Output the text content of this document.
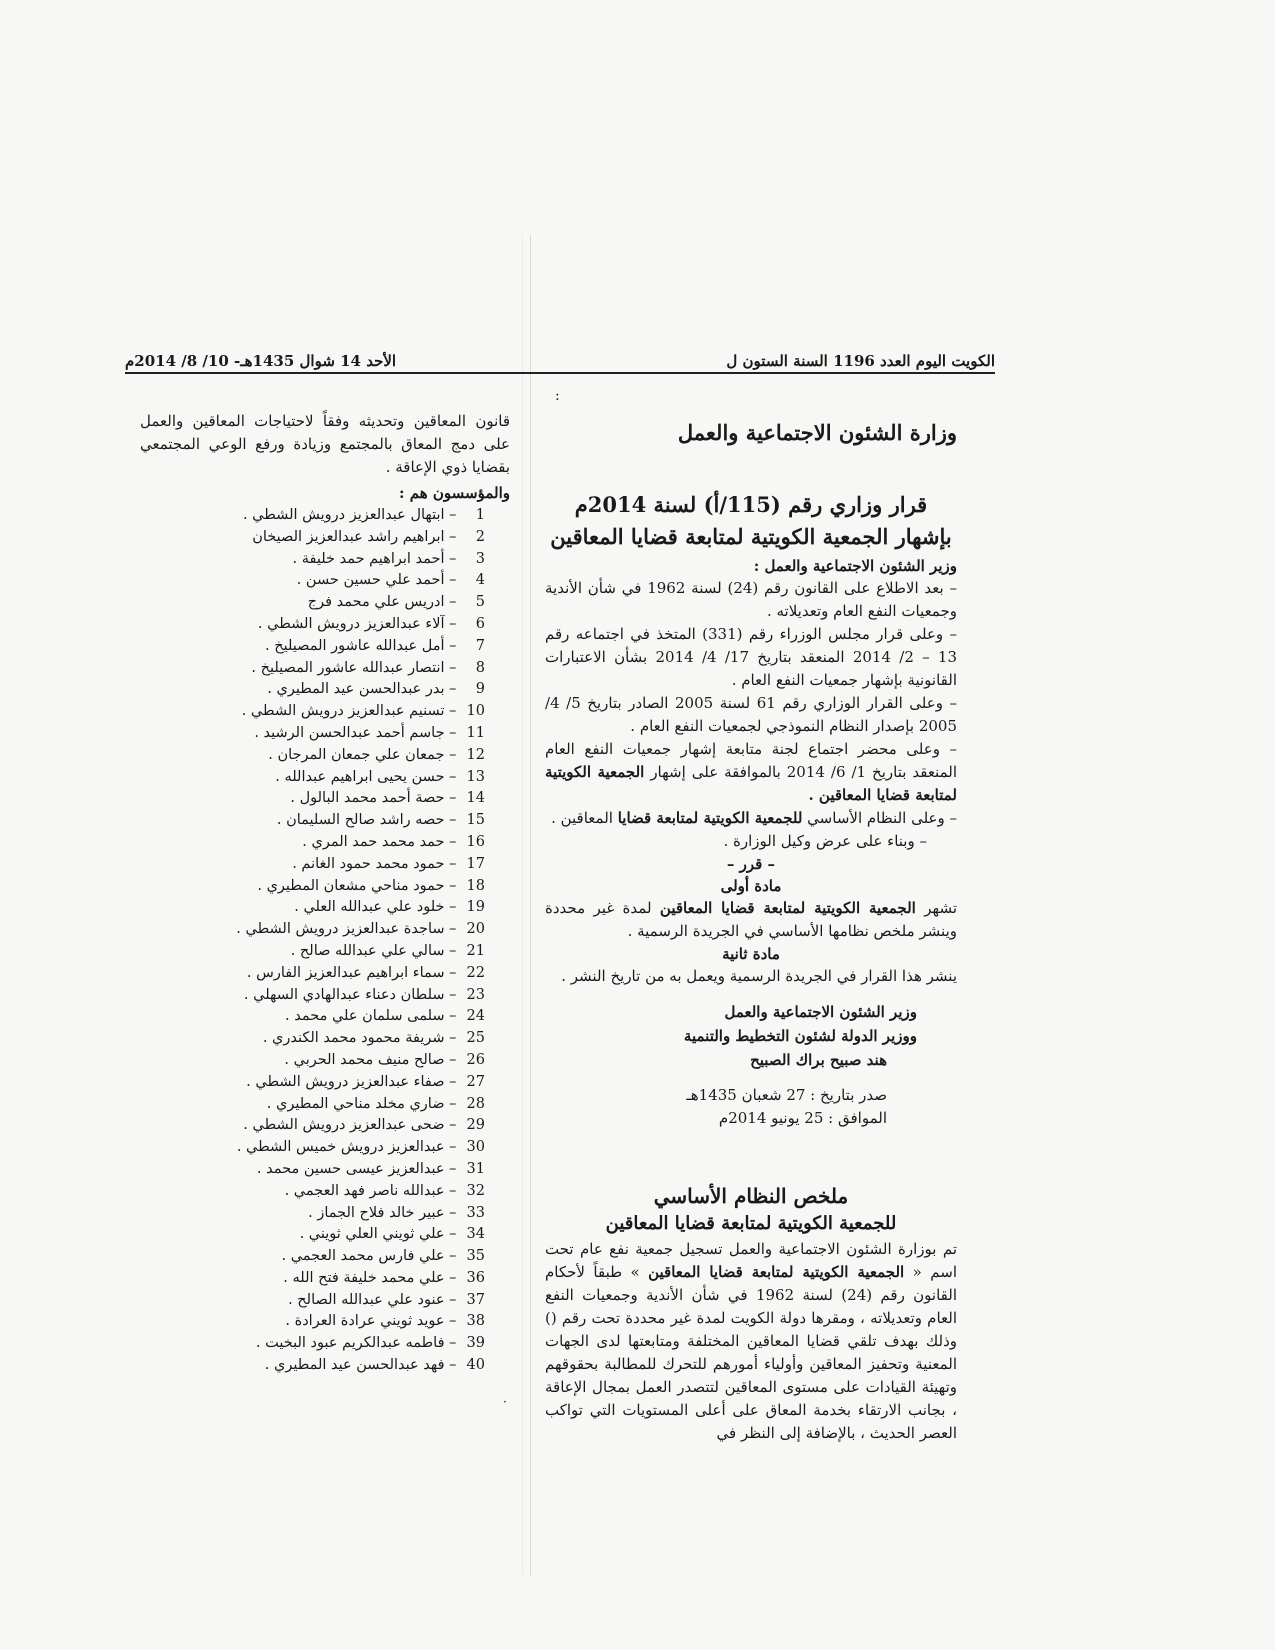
الكويت اليوم العدد 1196 السنة الستون ل
الأحد 14 شوال 1435هـ- 10/ 8/ 2014م
:
وزارة الشئون الاجتماعية والعمل
قرار وزاري رقم (115/أ) لسنة 2014م
بإشهار الجمعية الكويتية لمتابعة قضايا المعاقين
وزير الشئون الاجتماعية والعمل :

– بعد الاطلاع على القانون رقم (24) لسنة 1962 في شأن الأندية وجمعيات النفع العام وتعديلاته .

– وعلى قرار مجلس الوزراء رقم (331) المتخذ في اجتماعه رقم 13 – 2/ 2014 المنعقد بتاريخ 17/ 4/ 2014 بشأن الاعتبارات القانونية بإشهار جمعيات النفع العام .

– وعلى القرار الوزاري رقم 61 لسنة 2005 الصادر بتاريخ 5/ 4/ 2005 بإصدار النظام النموذجي لجمعيات النفع العام .

– وعلى محضر اجتماع لجنة متابعة إشهار جمعيات النفع العام المنعقد بتاريخ 1/ 6/ 2014 بالموافقة على إشهار الجمعية الكويتية لمتابعة قضايا المعاقين .

– وعلى النظام الأساسي للجمعية الكويتية لمتابعة قضايا المعاقين .

– وبناء على عرض وكيل الوزارة .

– قرر –
مادة أولى

تشهر الجمعية الكويتية لمتابعة قضايا المعاقين لمدة غير محددة وينشر ملخص نظامها الأساسي في الجريدة الرسمية .

مادة ثانية

ينشر هذا القرار في الجريدة الرسمية ويعمل به من تاريخ النشر .

وزير الشئون الاجتماعية والعمل
ووزير الدولة لشئون التخطيط والتنمية
هند صبيح براك الصبيح
صدر بتاريخ : 27 شعبان 1435هـ
الموافق : 25 يونيو 2014م
ملخص النظام الأساسي
للجمعية الكويتية لمتابعة قضايا المعاقين

تم بوزارة الشئون الاجتماعية والعمل تسجيل جمعية نفع عام تحت اسم « الجمعية الكويتية لمتابعة قضايا المعاقين » طبقاً لأحكام القانون رقم (24) لسنة 1962 في شأن الأندية وجمعيات النفع العام وتعديلاته ، ومقرها دولة الكويت لمدة غير محددة تحت رقم () وذلك بهدف تلقي قضايا المعاقين المختلفة ومتابعتها لدى الجهات المعنية وتحفيز المعاقين وأولياء أمورهم للتحرك للمطالبة بحقوقهم وتهيئة القيادات على مستوى المعاقين لتتصدر العمل بمجال الإعاقة ، بجانب الارتقاء بخدمة المعاق على أعلى المستويات التي تواكب العصر الحديث ، بالإضافة إلى النظر في

قانون المعاقين وتحديثه وفقاً لاحتياجات المعاقين والعمل على دمج المعاق بالمجتمع وزيادة ورفع الوعي المجتمعي بقضايا ذوي الإعاقة .

والمؤسسون هم :
1 – ابتهال عبدالعزيز درويش الشطي .
2 – ابراهيم راشد عبدالعزيز الصيخان
3 – أحمد ابراهيم حمد خليفة .
4 – أحمد علي حسين حسن .
5 – ادريس علي محمد فرج
6 – آلاء عبدالعزيز درويش الشطي .
7 – أمل عبدالله عاشور المصيليخ .
8 – انتصار عبدالله عاشور المصيليخ .
9 – بدر عبدالحسن عيد المطيري .
10 – تسنيم عبدالعزيز درويش الشطي .
11 – جاسم أحمد عبدالحسن الرشيد .
12 – جمعان علي جمعان المرجان .
13 – حسن يحيى ابراهيم عبدالله .
14 – حصة أحمد محمد البالول .
15 – حصه راشد صالح السليمان .
16 – حمد محمد حمد المري .
17 – حمود محمد حمود الغانم .
18 – حمود مناحي مشعان المطيري .
19 – خلود علي عبدالله العلي .
20 – ساجدة عبدالعزيز درويش الشطي .
21 – سالي علي عبدالله صالح .
22 – سماء ابراهيم عبدالعزيز الفارس .
23 – سلطان دعناء عبدالهادي السهلي .
24 – سلمى سلمان علي محمد .
25 – شريفة محمود محمد الكندري .
26 – صالح منيف محمد الحربي .
27 – صفاء عبدالعزيز درويش الشطي .
28 – ضاري مخلد مناحي المطيري .
29 – ضحى عبدالعزيز درويش الشطي .
30 – عبدالعزيز درويش خميس الشطي .
31 – عبدالعزيز عيسى حسين محمد .
32 – عبدالله ناصر فهد العجمي .
33 – عبير خالد فلاح الجماز .
34 – علي ثويني العلي ثويني .
35 – علي فارس محمد العجمي .
36 – علي محمد خليفة فتح الله .
37 – عنود علي عبدالله الصالح .
38 – عويد ثويني عرادة العرادة .
39 – فاطمه عبدالكريم عبود البخيت .
40 – فهد عبدالحسن عيد المطيري .
·
